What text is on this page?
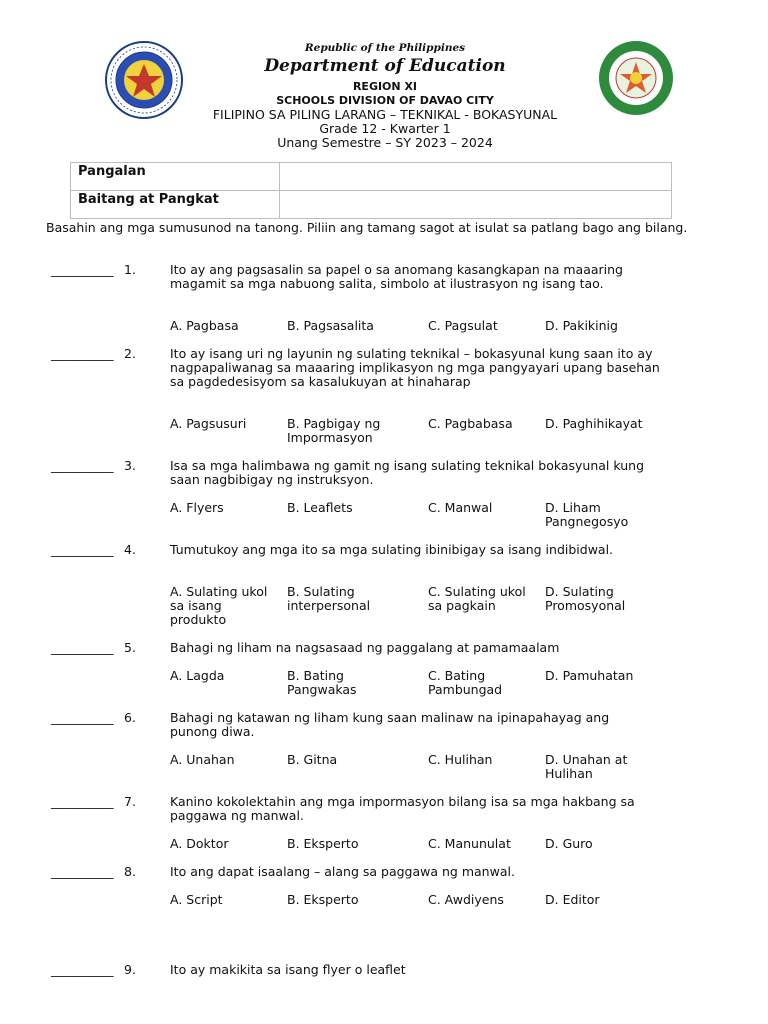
Republic of the Philippines
Department of Education
REGION XI
SCHOOLS DIVISION OF DAVAO CITY
FILIPINO SA PILING LARANG – TEKNIKAL - BOKASYUNAL
Grade 12 - Kwarter 1
Unang Semestre – SY 2023 – 2024
Pangalan	
Baitang at Pangkat	
Basahin ang mga sumusunod na tanong. Piliin ang tamang sagot at isulat sa patlang bago ang bilang.
__________ 1.	Ito ay ang pagsasalin sa papel o sa anomang kasangkapan na maaaring magamit sa mga nabuong salita, simbolo at ilustrasyon ng isang tao.
A. Pagbasa	B. Pagsasalita	C. Pagsulat	D. Pakikinig
__________ 2.	Ito ay isang uri ng layunin ng sulating teknikal – bokasyunal kung saan ito ay nagpapaliwanag sa maaaring implikasyon ng mga pangyayari upang basehan sa pagdedesisyom sa kasalukuyan at hinaharap
A. Pagsusuri	B. Pagbigay ng Impormasyon
C. Pagbabasa	D. Paghihikayat
__________ 3.	Isa sa mga halimbawa ng gamit ng isang sulating teknikal bokasyunal kung saan nagbibigay ng instruksyon.
A. Flyers	B. Leaflets	C. Manwal	D. Liham Pangnegosyo
__________ 4.	Tumutukoy ang mga ito sa mga sulating ibinibigay sa isang indibidwal.
A. Sulating ukol sa isang produkto
B. Sulating interpersonal
C. Sulating ukol sa pagkain
D. Sulating Promosyonal
__________ 5.	Bahagi ng liham na nagsasaad ng paggalang at pamamaalam
A. Lagda	B. Bating Pangwakas
C. Bating Pambungad
D. Pamuhatan
__________ 6.	Bahagi ng katawan ng liham kung saan malinaw na ipinapahayag ang punong diwa.
A. Unahan	B. Gitna	C. Hulihan	D. Unahan at Hulihan
__________ 7.	Kanino kokolektahin ang mga impormasyon bilang isa sa mga hakbang sa paggawa ng manwal.
A. Doktor	B. Eksperto	C. Manunulat	D. Guro
__________ 8.	Ito ang dapat isaalang – alang sa paggawa ng manwal.
A. Script	B. Eksperto	C. Awdiyens	D. Editor
__________ 9.	Ito ay makikita sa isang flyer o leaflet
